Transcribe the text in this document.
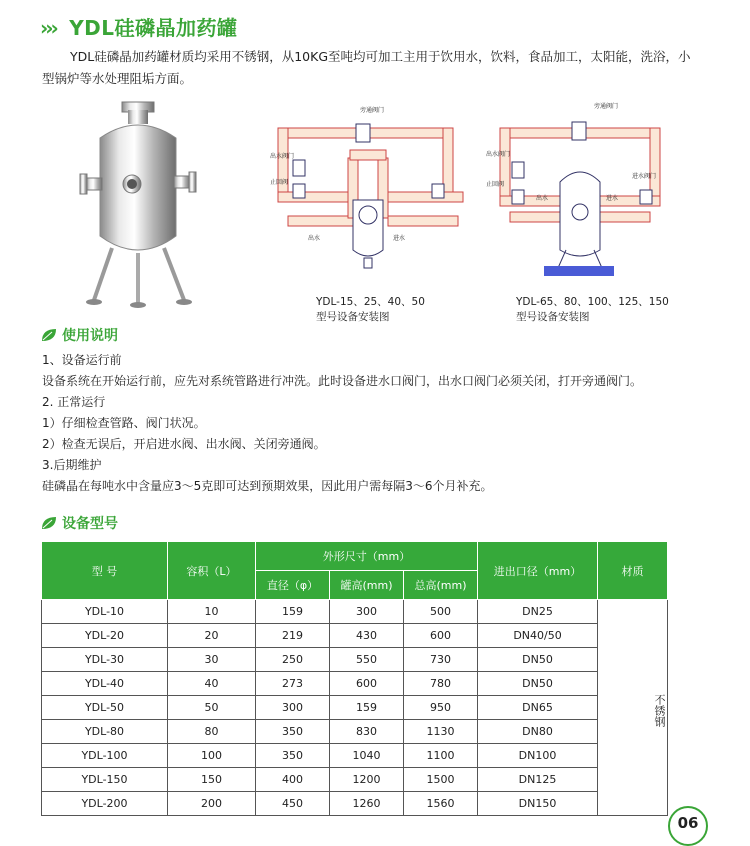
››› YDL硅磷晶加药罐
YDL硅磷晶加药罐材质均采用不锈钢，从10KG至吨均可加工主用于饮用水，饮料，食品加工，太阳能，洗浴，小型锅炉等水处理阻垢方面。
旁通阀门
出水阀门
止回阀
出水	进水
YDL-15、25、40、50
型号设备安装图
旁通阀门
出水阀门
止回阀
出水	进水
进水阀门
YDL-65、80、100、125、150
型号设备安装图
使用说明
1、设备运行前
设备系统在开始运行前，应先对系统管路进行冲洗。此时设备进水口阀门，出水口阀门必须关闭，打开旁通阀门。
2. 正常运行
1）仔细检查管路、阀门状况。
2）检查无误后，开启进水阀、出水阀、关闭旁通阀。
3.后期维护
硅磷晶在每吨水中含量应3～5克即可达到预期效果，因此用户需每隔3～6个月补充。
设备型号
型 号	容积（L）	外形尺寸（mm）			进出口径（mm）	材质
		直径（φ）	罐高(mm)	总高(mm)		
YDL-10	10	159	300	500	DN25	不锈钢
YDL-20	20	219	430	600	DN40/50	
YDL-30	30	250	550	730	DN50	
YDL-40	40	273	600	780	DN50	
YDL-50	50	300	159	950	DN65	
YDL-80	80	350	830	1130	DN80	
YDL-100	100	350	1040	1100	DN100	
YDL-150	150	400	1200	1500	DN125	
YDL-200	200	450	1260	1560	DN150	
06
